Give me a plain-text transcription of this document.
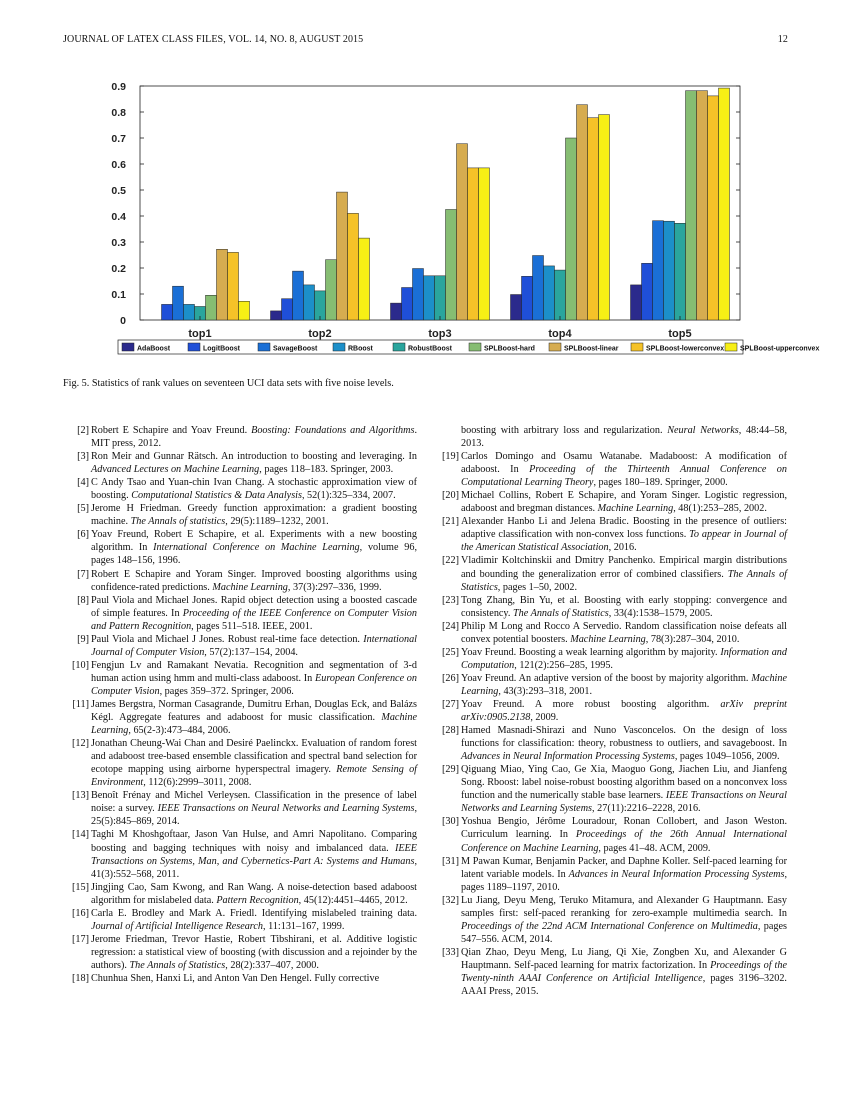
JOURNAL OF LATEX CLASS FILES, VOL. 14, NO. 8, AUGUST 2015	12
0
0.1
0.2
0.3
0.4
0.5
0.6
0.7
0.8
0.9
top1	top2	top3	top4	top5
AdaBoost	LogitBoost	SavageBoost	RBoost	RobustBoost	SPLBoost-hard	SPLBoost-linear	SPLBoost-lowerconvex SPLBoost-upperconvex
Fig. 5. Statistics of rank values on seventeen UCI data sets with five noise levels.
[2] Robert E Schapire and Yoav Freund. Boosting: Foundations and Algorithms. MIT press, 2012.
[3] Ron Meir and Gunnar Rätsch. An introduction to boosting and leveraging. In Advanced Lectures on Machine Learning, pages 118–183. Springer, 2003.
[4] C Andy Tsao and Yuan-chin Ivan Chang. A stochastic approximation view of boosting. Computational Statistics & Data Analysis, 52(1):325–334, 2007.
[5] Jerome H Friedman. Greedy function approximation: a gradient boosting machine. The Annals of statistics, 29(5):1189–1232, 2001.
[6] Yoav Freund, Robert E Schapire, et al. Experiments with a new boosting algorithm. In International Conference on Machine Learning, volume 96, pages 148–156, 1996.
[7] Robert E Schapire and Yoram Singer. Improved boosting algorithms using confidence-rated predictions. Machine Learning, 37(3):297–336, 1999.
[8] Paul Viola and Michael Jones. Rapid object detection using a boosted cascade of simple features. In Proceeding of the IEEE Conference on Computer Vision and Pattern Recognition, pages 511–518. IEEE, 2001.
[9] Paul Viola and Michael J Jones. Robust real-time face detection. International Journal of Computer Vision, 57(2):137–154, 2004.
[10] Fengjun Lv and Ramakant Nevatia. Recognition and segmentation of 3-d human action using hmm and multi-class adaboost. In European Conference on Computer Vision, pages 359–372. Springer, 2006.
[11] James Bergstra, Norman Casagrande, Dumitru Erhan, Douglas Eck, and Balázs Kégl. Aggregate features and adaboost for music classification. Machine Learning, 65(2-3):473–484, 2006.
[12] Jonathan Cheung-Wai Chan and Desiré Paelinckx. Evaluation of random forest and adaboost tree-based ensemble classification and spectral band selection for ecotope mapping using airborne hyperspectral imagery. Remote Sensing of Environment, 112(6):2999–3011, 2008.
[13] Benoît Frénay and Michel Verleysen. Classification in the presence of label noise: a survey. IEEE Transactions on Neural Networks and Learning Systems, 25(5):845–869, 2014.
[14] Taghi M Khoshgoftaar, Jason Van Hulse, and Amri Napolitano. Comparing boosting and bagging techniques with noisy and imbalanced data. IEEE Transactions on Systems, Man, and Cybernetics-Part A: Systems and Humans, 41(3):552–568, 2011.
[15] Jingjing Cao, Sam Kwong, and Ran Wang. A noise-detection based adaboost algorithm for mislabeled data. Pattern Recognition, 45(12):4451–4465, 2012.
[16] Carla E. Brodley and Mark A. Friedl. Identifying mislabeled training data. Journal of Artificial Intelligence Research, 11:131–167, 1999.
[17] Jerome Friedman, Trevor Hastie, Robert Tibshirani, et al. Additive logistic regression: a statistical view of boosting (with discussion and a rejoinder by the authors). The Annals of Statistics, 28(2):337–407, 2000.
[18] Chunhua Shen, Hanxi Li, and Anton Van Den Hengel. Fully corrective
boosting with arbitrary loss and regularization. Neural Networks, 48:44–58, 2013.
[19] Carlos Domingo and Osamu Watanabe. Madaboost: A modification of adaboost. In Proceeding of the Thirteenth Annual Conference on Computational Learning Theory, pages 180–189. Springer, 2000.
[20] Michael Collins, Robert E Schapire, and Yoram Singer. Logistic regression, adaboost and bregman distances. Machine Learning, 48(1):253–285, 2002.
[21] Alexander Hanbo Li and Jelena Bradic. Boosting in the presence of outliers: adaptive classification with non-convex loss functions. To appear in Journal of the American Statistical Association, 2016.
[22] Vladimir Koltchinskii and Dmitry Panchenko. Empirical margin distributions and bounding the generalization error of combined classifiers. The Annals of Statistics, pages 1–50, 2002.
[23] Tong Zhang, Bin Yu, et al. Boosting with early stopping: convergence and consistency. The Annals of Statistics, 33(4):1538–1579, 2005.
[24] Philip M Long and Rocco A Servedio. Random classification noise defeats all convex potential boosters. Machine Learning, 78(3):287–304, 2010.
[25] Yoav Freund. Boosting a weak learning algorithm by majority. Information and Computation, 121(2):256–285, 1995.
[26] Yoav Freund. An adaptive version of the boost by majority algorithm. Machine Learning, 43(3):293–318, 2001.
[27] Yoav Freund. A more robust boosting algorithm. arXiv preprint arXiv:0905.2138, 2009.
[28] Hamed Masnadi-Shirazi and Nuno Vasconcelos. On the design of loss functions for classification: theory, robustness to outliers, and savageboost. In Advances in Neural Information Processing Systems, pages 1049–1056, 2009.
[29] Qiguang Miao, Ying Cao, Ge Xia, Maoguo Gong, Jiachen Liu, and Jianfeng Song. Rboost: label noise-robust boosting algorithm based on a nonconvex loss function and the numerically stable base learners. IEEE Transactions on Neural Networks and Learning Systems, 27(11):2216–2228, 2016.
[30] Yoshua Bengio, Jérôme Louradour, Ronan Collobert, and Jason Weston. Curriculum learning. In Proceedings of the 26th Annual International Conference on Machine Learning, pages 41–48. ACM, 2009.
[31] M Pawan Kumar, Benjamin Packer, and Daphne Koller. Self-paced learning for latent variable models. In Advances in Neural Information Processing Systems, pages 1189–1197, 2010.
[32] Lu Jiang, Deyu Meng, Teruko Mitamura, and Alexander G Hauptmann. Easy samples first: self-paced reranking for zero-example multimedia search. In Proceedings of the 22nd ACM International Conference on Multimedia, pages 547–556. ACM, 2014.
[33] Qian Zhao, Deyu Meng, Lu Jiang, Qi Xie, Zongben Xu, and Alexander G Hauptmann. Self-paced learning for matrix factorization. In Proceedings of the Twenty-ninth AAAI Conference on Artificial Intelligence, pages 3196–3202. AAAI Press, 2015.
